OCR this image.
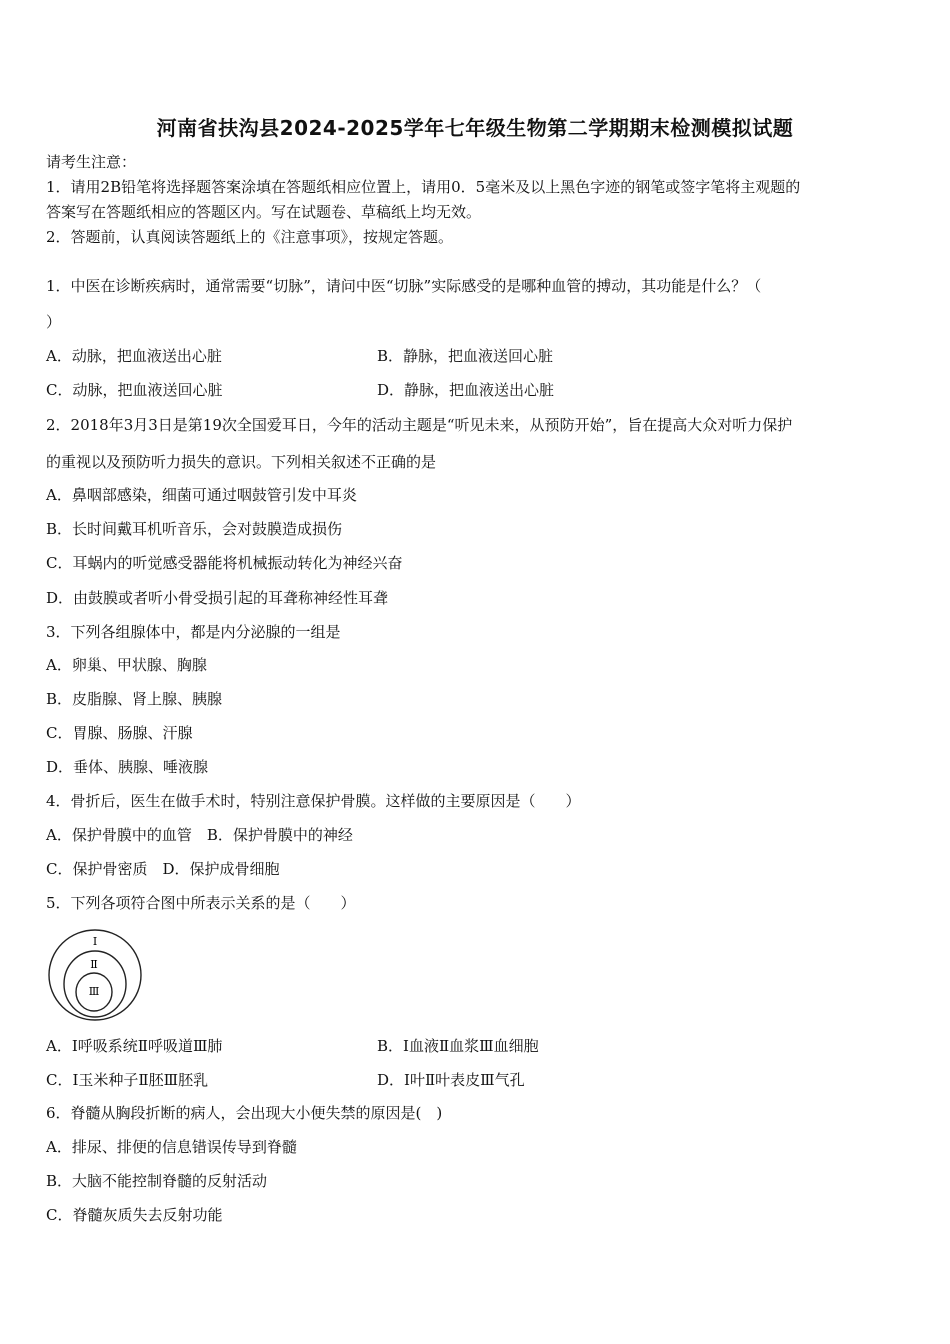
河南省扶沟县2024-2025学年七年级生物第二学期期末检测模拟试题
请考生注意：
1．请用2B铅笔将选择题答案涂填在答题纸相应位置上，请用0．5毫米及以上黑色字迹的钢笔或签字笔将主观题的
答案写在答题纸相应的答题区内。写在试题卷、草稿纸上均无效。
2．答题前，认真阅读答题纸上的《注意事项》，按规定答题。
1．中医在诊断疾病时，通常需要“切脉”，请问中医“切脉”实际感受的是哪种血管的搏动，其功能是什么？（
）
A．动脉，把血液送出心脏	B．静脉，把血液送回心脏
C．动脉，把血液送回心脏	D．静脉，把血液送出心脏
2．2018年3月3日是第19次全国爱耳日，今年的活动主题是“听见未来，从预防开始”，旨在提高大众对听力保护
的重视以及预防听力损失的意识。下列相关叙述不正确的是
A．鼻咽部感染，细菌可通过咽鼓管引发中耳炎
B．长时间戴耳机听音乐，会对鼓膜造成损伤
C．耳蜗内的听觉感受器能将机械振动转化为神经兴奋
D．由鼓膜或者听小骨受损引起的耳聋称神经性耳聋
3．下列各组腺体中，都是内分泌腺的一组是
A．卵巢、甲状腺、胸腺
B．皮脂腺、肾上腺、胰腺
C．胃腺、肠腺、汗腺
D．垂体、胰腺、唾液腺
4．骨折后，医生在做手术时，特别注意保护骨膜。这样做的主要原因是（　　）
A．保护骨膜中的血管　B．保护骨膜中的神经
C．保护骨密质　D．保护成骨细胞
5．下列各项符合图中所表示关系的是（　　）
Ⅰ
Ⅱ
Ⅲ
A．Ⅰ呼吸系统Ⅱ呼吸道Ⅲ肺	B．Ⅰ血液Ⅱ血浆Ⅲ血细胞
C．Ⅰ玉米种子Ⅱ胚Ⅲ胚乳	D．Ⅰ叶Ⅱ叶表皮Ⅲ气孔
6．脊髓从胸段折断的病人，会出现大小便失禁的原因是(　)
A．排尿、排便的信息错误传导到脊髓
B．大脑不能控制脊髓的反射活动
C．脊髓灰质失去反射功能
